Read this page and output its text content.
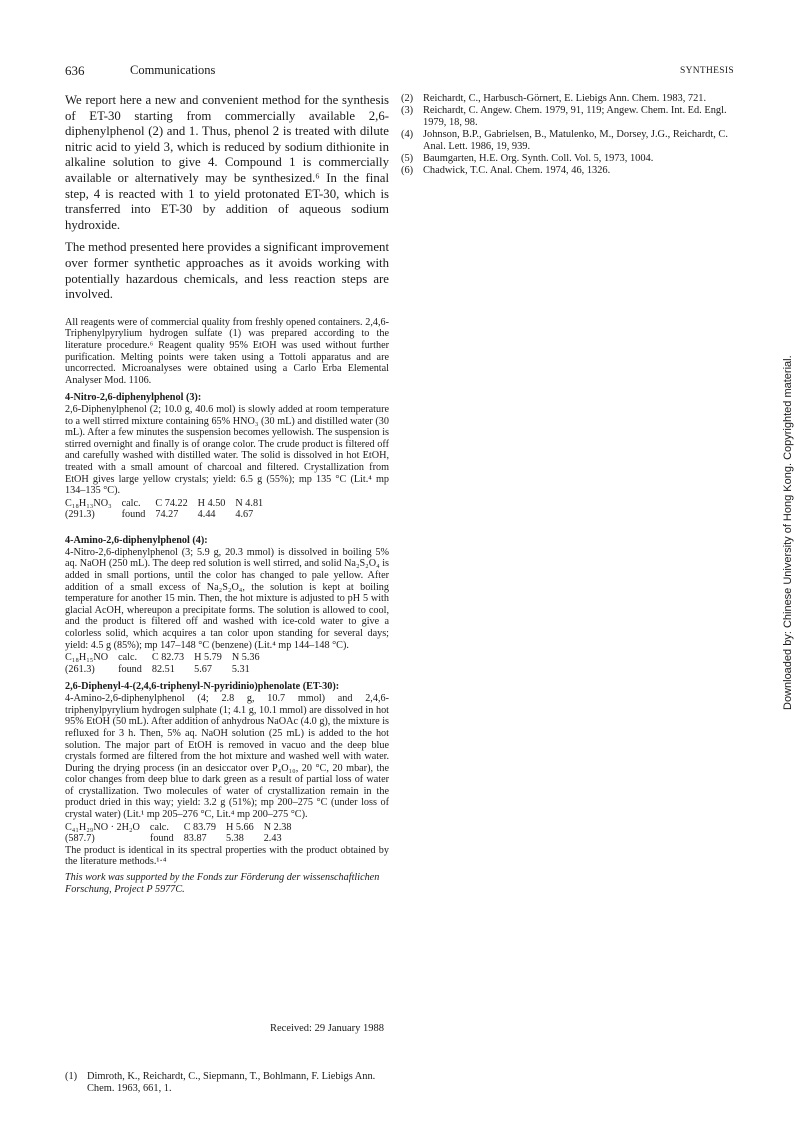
636	Communications	SYNTHESIS

We report here a new and convenient method for the synthesis of ET-30 starting from commercially available 2,6-diphenylphenol (2) and 1. Thus, phenol 2 is treated with dilute nitric acid to yield 3, which is reduced by sodium dithionite in alkaline solution to give 4. Compound 1 is commercially available or alternatively may be synthesized.⁶ In the final step, 4 is reacted with 1 to yield protonated ET-30, which is transferred into ET-30 by addition of aqueous sodium hydroxide.

The method presented here provides a significant improvement over former synthetic approaches as it avoids working with potentially hazardous chemicals, and less reaction steps are involved.

All reagents were of commercial quality from freshly opened containers. 2,4,6-Triphenylpyrylium hydrogen sulfate (1) was prepared according to the literature procedure.⁶ Reagent quality 95% EtOH was used without further purification. Melting points were taken using a Tottoli apparatus and are uncorrected. Microanalyses were obtained using a Carlo Erba Elemental Analyser Mod. 1106.

4-Nitro-2,6-diphenylphenol (3):

2,6-Diphenylphenol (2; 10.0 g, 40.6 mol) is slowly added at room temperature to a well stirred mixture containing 65% HNO₃ (30 mL) and distilled water (30 mL). After a few minutes the suspension becomes yellowish. The suspension is stirred overnight and finally is of orange color. The crude product is filtered off and carefully washed with distilled water. The solid is dissolved in hot EtOH, treated with a small amount of charcoal and filtered. Crystallization from EtOH gives large yellow crystals; yield: 6.5 g (55%); mp 135 °C (Lit.⁴ mp 134–135 °C).

C₁₈H₁₃NO₃	calc.	C 74.22	H 4.50	N 4.81
(291.3)	found	74.27	4.44	4.67

4-Amino-2,6-diphenylphenol (4):

4-Nitro-2,6-diphenylphenol (3; 5.9 g, 20.3 mmol) is dissolved in boiling 5% aq. NaOH (250 mL). The deep red solution is well stirred, and solid Na₂S₂O₄ is added in small portions, until the color has changed to pale yellow. After addition of a small excess of Na₂S₂O₄, the solution is kept at boiling temperature for another 15 min. Then, the hot mixture is adjusted to pH 5 with glacial AcOH, whereupon a precipitate forms. The solution is allowed to cool, and the product is filtered off and washed with ice-cold water to give a colorless solid, which acquires a tan color upon standing for several days; yield: 4.5 g (85%); mp 147–148 °C (benzene) (Lit.⁴ mp 144–148 °C).

C₁₈H₁₅NO	calc.	C 82.73	H 5.79	N 5.36
(261.3)	found	82.51	5.67	5.31

2,6-Diphenyl-4-(2,4,6-triphenyl-N-pyridinio)phenolate (ET-30):

4-Amino-2,6-diphenylphenol (4; 2.8 g, 10.7 mmol) and 2,4,6-triphenylpyrylium hydrogen sulphate (1; 4.1 g, 10.1 mmol) are dissolved in hot 95% EtOH (50 mL). After addition of anhydrous NaOAc (4.0 g), the mixture is refluxed for 3 h. Then, 5% aq. NaOH solution (25 mL) is added to the hot solution. The major part of EtOH is removed in vacuo and the deep blue crystals formed are filtered from the hot mixture and washed well with water. During the drying process (in an desiccator over P₄O₁₀, 20 °C, 20 mbar), the color changes from deep blue to dark green as a result of partial loss of water of crystallization. Two molecules of water of crystallization remain in the product dried in this way; yield: 3.2 g (51%); mp 200–275 °C (under loss of crystal water) (Lit.¹ mp 205–276 °C, Lit.⁴ mp 200–275 °C).

C₄₁H₂₉NO · 2H₂O	calc.	C 83.79	H 5.66	N 2.38
(587.7)	found	83.87	5.38	2.43

The product is identical in its spectral properties with the product obtained by the literature methods.¹·⁴

This work was supported by the Fonds zur Förderung der wissenschaftlichen Forschung, Project P 5977C.

Received: 29 January 1988
(1) Dimroth, K., Reichardt, C., Siepmann, T., Bohlmann, F. Liebigs Ann. Chem. 1963, 661, 1.
(2) Reichardt, C., Harbusch-Görnert, E. Liebigs Ann. Chem. 1983, 721.
(3) Reichardt, C. Angew. Chem. 1979, 91, 119; Angew. Chem. Int. Ed. Engl. 1979, 18, 98.
(4) Johnson, B.P., Gabrielsen, B., Matulenko, M., Dorsey, J.G., Reichardt, C. Anal. Lett. 1986, 19, 939.
(5) Baumgarten, H.E. Org. Synth. Coll. Vol. 5, 1973, 1004.
(6) Chadwick, T.C. Anal. Chem. 1974, 46, 1326.
Downloaded by: Chinese University of Hong Kong. Copyrighted material.
